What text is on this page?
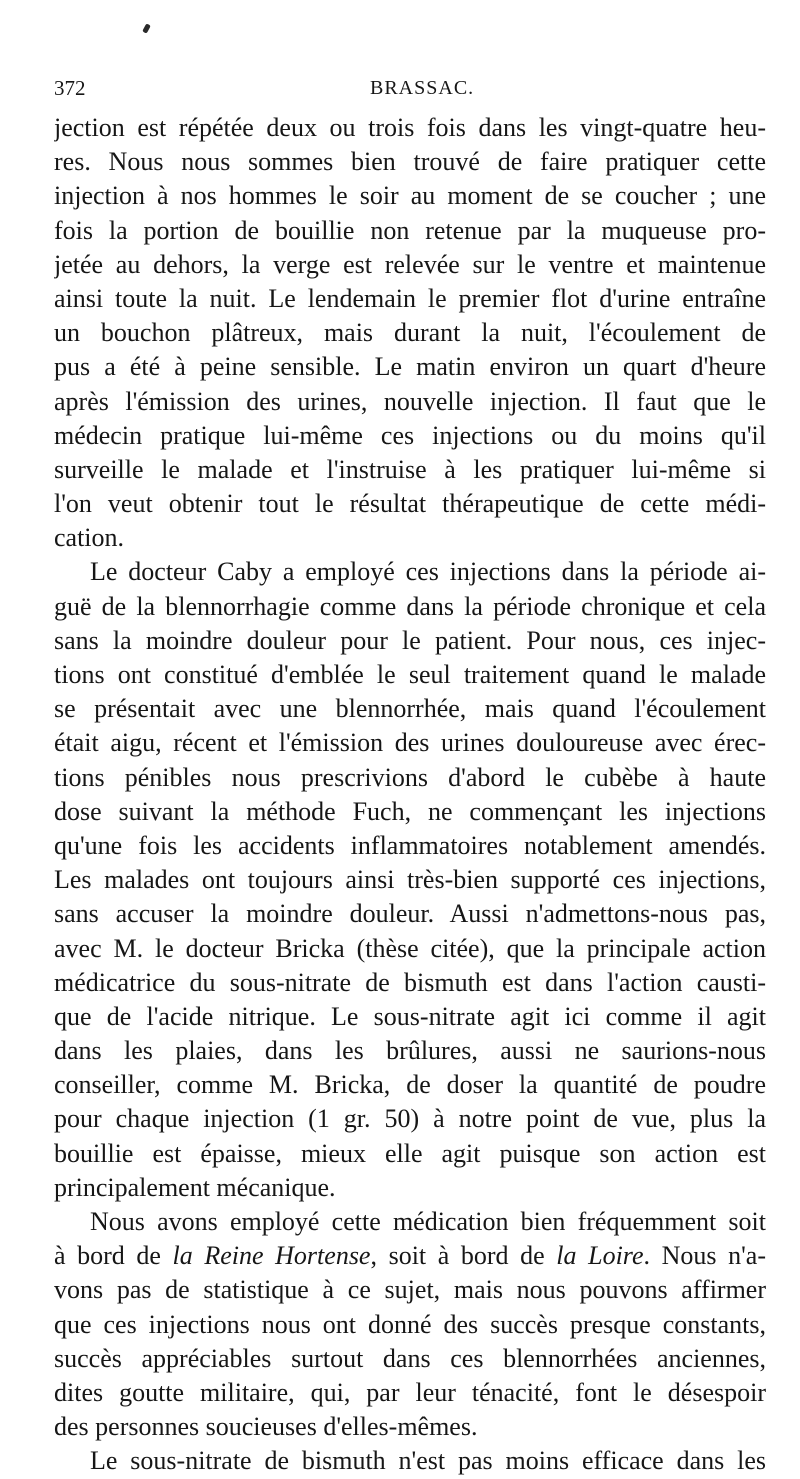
372	BRASSAC.
jection est répétée deux ou trois fois dans les vingt-quatre heu-
res. Nous nous sommes bien trouvé de faire pratiquer cette
injection à nos hommes le soir au moment de se coucher ; une
fois la portion de bouillie non retenue par la muqueuse pro-
jetée au dehors, la verge est relevée sur le ventre et maintenue
ainsi toute la nuit. Le lendemain le premier flot d'urine entraîne
un bouchon plâtreux, mais durant la nuit, l'écoulement de
pus a été à peine sensible. Le matin environ un quart d'heure
après l'émission des urines, nouvelle injection. Il faut que le
médecin pratique lui-même ces injections ou du moins qu'il
surveille le malade et l'instruise à les pratiquer lui-même si
l'on veut obtenir tout le résultat thérapeutique de cette médi-
cation.
Le docteur Caby a employé ces injections dans la période ai-
guë de la blennorrhagie comme dans la période chronique et cela
sans la moindre douleur pour le patient. Pour nous, ces injec-
tions ont constitué d'emblée le seul traitement quand le malade
se présentait avec une blennorrhée, mais quand l'écoulement
était aigu, récent et l'émission des urines douloureuse avec érec-
tions pénibles nous prescrivions d'abord le cubèbe à haute
dose suivant la méthode Fuch, ne commençant les injections
qu'une fois les accidents inflammatoires notablement amendés.
Les malades ont toujours ainsi très-bien supporté ces injections,
sans accuser la moindre douleur. Aussi n'admettons-nous pas,
avec M. le docteur Bricka (thèse citée), que la principale action
médicatrice du sous-nitrate de bismuth est dans l'action causti-
que de l'acide nitrique. Le sous-nitrate agit ici comme il agit
dans les plaies, dans les brûlures, aussi ne saurions-nous
conseiller, comme M. Bricka, de doser la quantité de poudre
pour chaque injection (1 gr. 50) à notre point de vue, plus la
bouillie est épaisse, mieux elle agit puisque son action est
principalement mécanique.
Nous avons employé cette médication bien fréquemment soit
à bord de la Reine Hortense, soit à bord de la Loire. Nous n'a-
vons pas de statistique à ce sujet, mais nous pouvons affirmer
que ces injections nous ont donné des succès presque constants,
succès appréciables surtout dans ces blennorrhées anciennes,
dites goutte militaire, qui, par leur ténacité, font le désespoir
des personnes soucieuses d'elles-mêmes.
Le sous-nitrate de bismuth n'est pas moins efficace dans les
